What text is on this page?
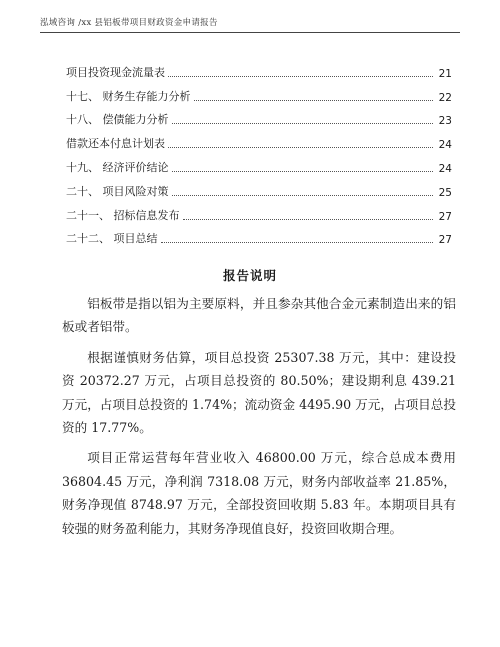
泓域咨询 /xx 县铝板带项目财政资金申请报告
项目投资现金流量表	21
十七、 财务生存能力分析	22
十八、 偿债能力分析	23
借款还本付息计划表	24
十九、 经济评价结论	24
二十、 项目风险对策	25
二十一、 招标信息发布	27
二十二、 项目总结	27
报告说明

铝板带是指以铝为主要原料，并且参杂其他合金元素制造出来的铝板或者铝带。

根据谨慎财务估算，项目总投资 25307.38 万元，其中：建设投资 20372.27 万元，占项目总投资的 80.50%；建设期利息 439.21 万元，占项目总投资的 1.74%；流动资金 4495.90 万元，占项目总投资的 17.77%。

项目正常运营每年营业收入 46800.00 万元，综合总成本费用 36804.45 万元，净利润 7318.08 万元，财务内部收益率 21.85%，财务净现值 8748.97 万元，全部投资回收期 5.83 年。本期项目具有较强的财务盈利能力，其财务净现值良好，投资回收期合理。
